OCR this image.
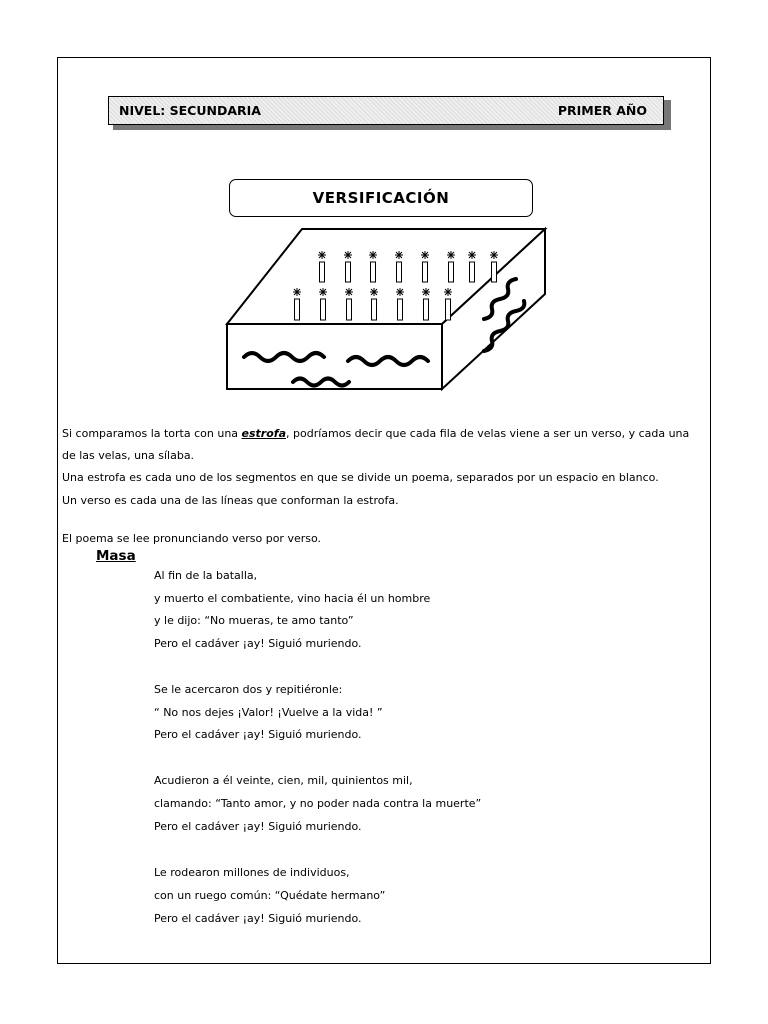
NIVEL: SECUNDARIA	PRIMER AÑO
VERSIFICACIÓN
Si comparamos la torta con una estrofa, podríamos decir que cada fila de velas viene a ser un verso, y cada una de las velas, una sílaba.
Una estrofa es cada uno de los segmentos en que se divide un poema, separados por un espacio en blanco.
Un verso es cada una de las líneas que conforman la estrofa.
El poema se lee pronunciando verso por verso.
Masa
Al fin de la batalla,
y muerto el combatiente, vino hacia él un hombre
y le dijo: “No mueras, te amo tanto”
Pero el cadáver ¡ay! Siguió muriendo.
Se le acercaron dos y repitiéronle:
“ No nos dejes ¡Valor! ¡Vuelve a la vida! ”
Pero el cadáver ¡ay! Siguió muriendo.
Acudieron a él veinte, cien, mil, quinientos mil,
clamando: “Tanto amor, y no poder nada contra la muerte”
Pero el cadáver ¡ay! Siguió muriendo.
Le rodearon millones de individuos,
con un ruego común: “Quédate hermano”
Pero el cadáver ¡ay! Siguió muriendo.
